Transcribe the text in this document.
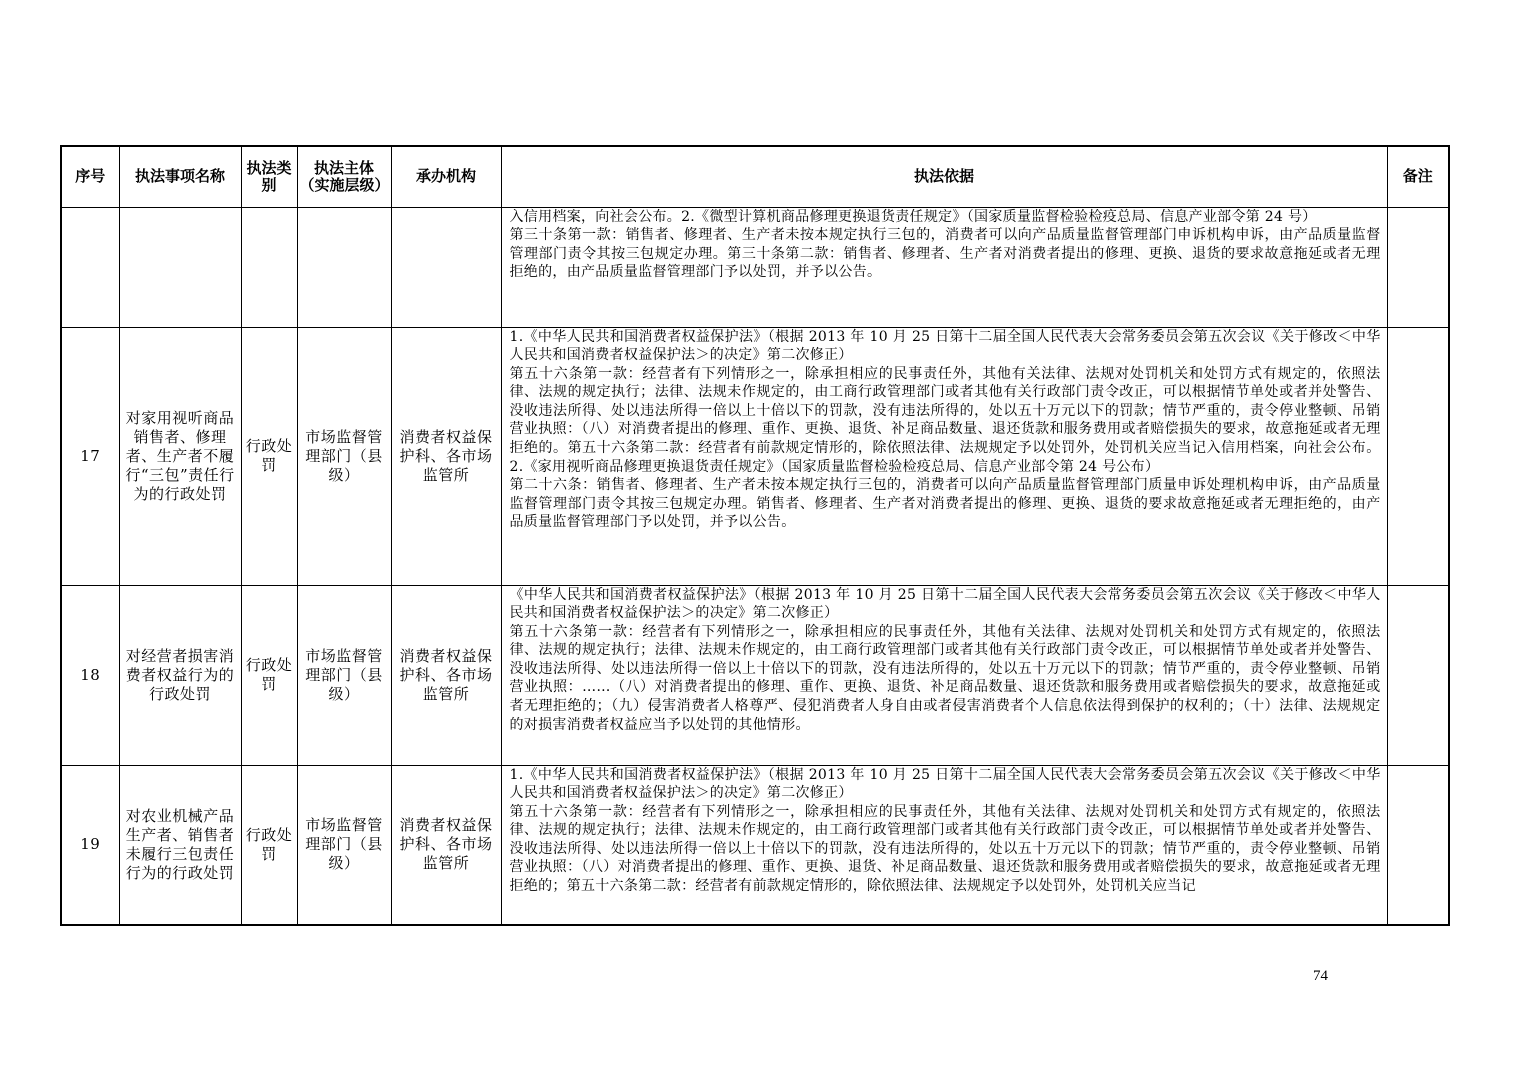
序号	执法事项名称	执法类别	执法主体（实施层级）	承办机构	执法依据	备注

					入信用档案，向社会公布。2.《微型计算机商品修理更换退货责任规定》（国家质量监督检验检疫总局、信息产业部令第 24 号）

第三十条第一款：销售者、修理者、生产者未按本规定执行三包的，消费者可以向产品质量监督管理部门申诉机构申诉，由产品质量监督管理部门责令其按三包规定办理。第三十条第二款：销售者、修理者、生产者对消费者提出的修理、更换、退货的要求故意拖延或者无理拒绝的，由产品质量监督管理部门予以处罚，并予以公告。	

17	对家用视听商品销售者、修理者、生产者不履行“三包”责任行为的行政处罚	行政处罚	市场监督管理部门（县级）	消费者权益保护科、各市场监管所	1.《中华人民共和国消费者权益保护法》（根据 2013 年 10 月 25 日第十二届全国人民代表大会常务委员会第五次会议《关于修改＜中华人民共和国消费者权益保护法＞的决定》第二次修正）

第五十六条第一款：经营者有下列情形之一，除承担相应的民事责任外，其他有关法律、法规对处罚机关和处罚方式有规定的，依照法律、法规的规定执行；法律、法规未作规定的，由工商行政管理部门或者其他有关行政部门责令改正，可以根据情节单处或者并处警告、没收违法所得、处以违法所得一倍以上十倍以下的罚款，没有违法所得的，处以五十万元以下的罚款；情节严重的，责令停业整顿、吊销营业执照：（八）对消费者提出的修理、重作、更换、退货、补足商品数量、退还货款和服务费用或者赔偿损失的要求，故意拖延或者无理拒绝的。第五十六条第二款：经营者有前款规定情形的，除依照法律、法规规定予以处罚外，处罚机关应当记入信用档案，向社会公布。2.《家用视听商品修理更换退货责任规定》（国家质量监督检验检疫总局、信息产业部令第 24 号公布）

第二十六条：销售者、修理者、生产者未按本规定执行三包的，消费者可以向产品质量监督管理部门质量申诉处理机构申诉，由产品质量监督管理部门责令其按三包规定办理。销售者、修理者、生产者对消费者提出的修理、更换、退货的要求故意拖延或者无理拒绝的，由产品质量监督管理部门予以处罚，并予以公告。	

18	对经营者损害消费者权益行为的行政处罚	行政处罚	市场监督管理部门（县级）	消费者权益保护科、各市场监管所	《中华人民共和国消费者权益保护法》（根据 2013 年 10 月 25 日第十二届全国人民代表大会常务委员会第五次会议《关于修改＜中华人民共和国消费者权益保护法＞的决定》第二次修正）

第五十六条第一款：经营者有下列情形之一，除承担相应的民事责任外，其他有关法律、法规对处罚机关和处罚方式有规定的，依照法律、法规的规定执行；法律、法规未作规定的，由工商行政管理部门或者其他有关行政部门责令改正，可以根据情节单处或者并处警告、没收违法所得、处以违法所得一倍以上十倍以下的罚款，没有违法所得的，处以五十万元以下的罚款；情节严重的，责令停业整顿、吊销营业执照：……（八）对消费者提出的修理、重作、更换、退货、补足商品数量、退还货款和服务费用或者赔偿损失的要求，故意拖延或者无理拒绝的；（九）侵害消费者人格尊严、侵犯消费者人身自由或者侵害消费者个人信息依法得到保护的权利的；（十）法律、法规规定的对损害消费者权益应当予以处罚的其他情形。	

19	对农业机械产品生产者、销售者未履行三包责任行为的行政处罚	行政处罚	市场监督管理部门（县级）	消费者权益保护科、各市场监管所	1.《中华人民共和国消费者权益保护法》（根据 2013 年 10 月 25 日第十二届全国人民代表大会常务委员会第五次会议《关于修改＜中华人民共和国消费者权益保护法＞的决定》第二次修正）

第五十六条第一款：经营者有下列情形之一，除承担相应的民事责任外，其他有关法律、法规对处罚机关和处罚方式有规定的，依照法律、法规的规定执行；法律、法规未作规定的，由工商行政管理部门或者其他有关行政部门责令改正，可以根据情节单处或者并处警告、没收违法所得、处以违法所得一倍以上十倍以下的罚款，没有违法所得的，处以五十万元以下的罚款；情节严重的，责令停业整顿、吊销营业执照：（八）对消费者提出的修理、重作、更换、退货、补足商品数量、退还货款和服务费用或者赔偿损失的要求，故意拖延或者无理拒绝的；第五十六条第二款：经营者有前款规定情形的，除依照法律、法规规定予以处罚外，处罚机关应当记	

74
